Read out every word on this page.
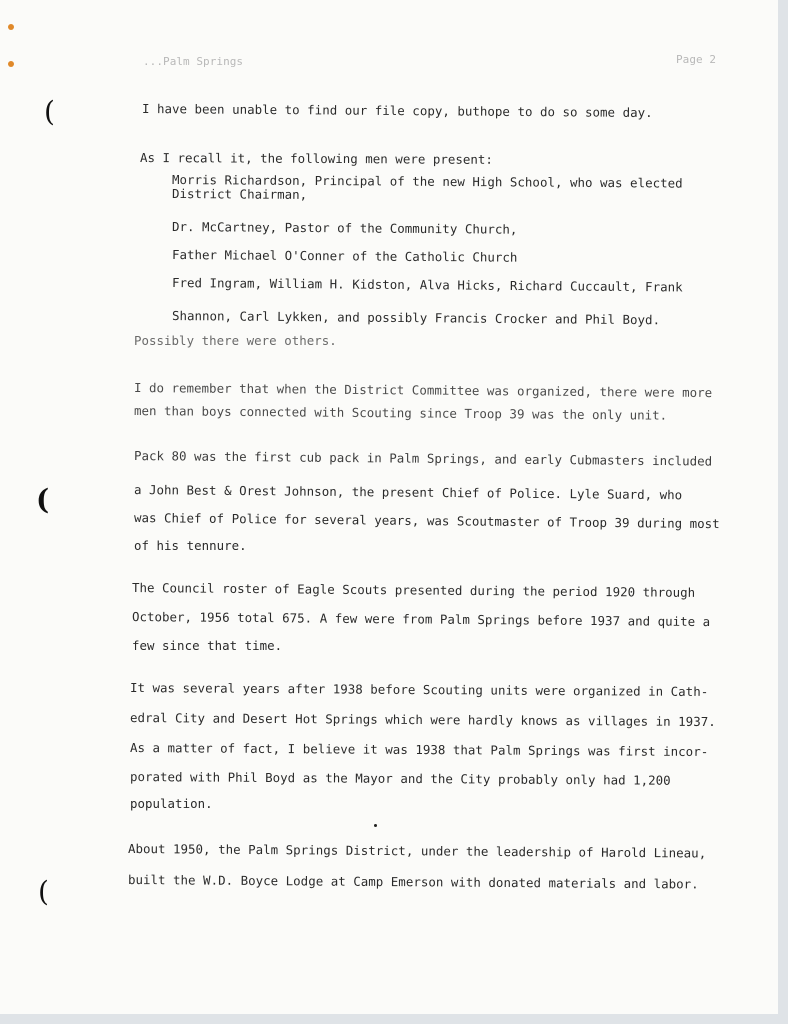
(
(
(
...Palm Springs	Page 2
I have been unable to find our file copy, buthope to do so some day.
As I recall it, the following men were present:
Morris Richardson, Principal of the new High School, who was elected
District Chairman,
Dr. McCartney, Pastor of the Community Church,
Father Michael O'Conner of the Catholic Church
Fred Ingram, William H. Kidston, Alva Hicks, Richard Cuccault, Frank
Shannon, Carl Lykken, and possibly Francis Crocker and Phil Boyd.
Possibly there were others.
I do remember that when the District Committee was organized, there were more
men than boys connected with Scouting since Troop 39 was the only unit.
Pack 80 was the first cub pack in Palm Springs, and early Cubmasters included
a John Best & Orest Johnson, the present Chief of Police. Lyle Suard, who
was Chief of Police for several years, was Scoutmaster of Troop 39 during most
of his tennure.
The Council roster of Eagle Scouts presented during the period 1920 through
October, 1956 total 675. A few were from Palm Springs before 1937 and quite a
few since that time.
It was several years after 1938 before Scouting units were organized in Cath-
edral City and Desert Hot Springs which were hardly knows as villages in 1937.
As a matter of fact, I believe it was 1938 that Palm Springs was first incor-
porated with Phil Boyd as the Mayor and the City probably only had 1,200
population.
About 1950, the Palm Springs District, under the leadership of Harold Lineau,
built the W.D. Boyce Lodge at Camp Emerson with donated materials and labor.
